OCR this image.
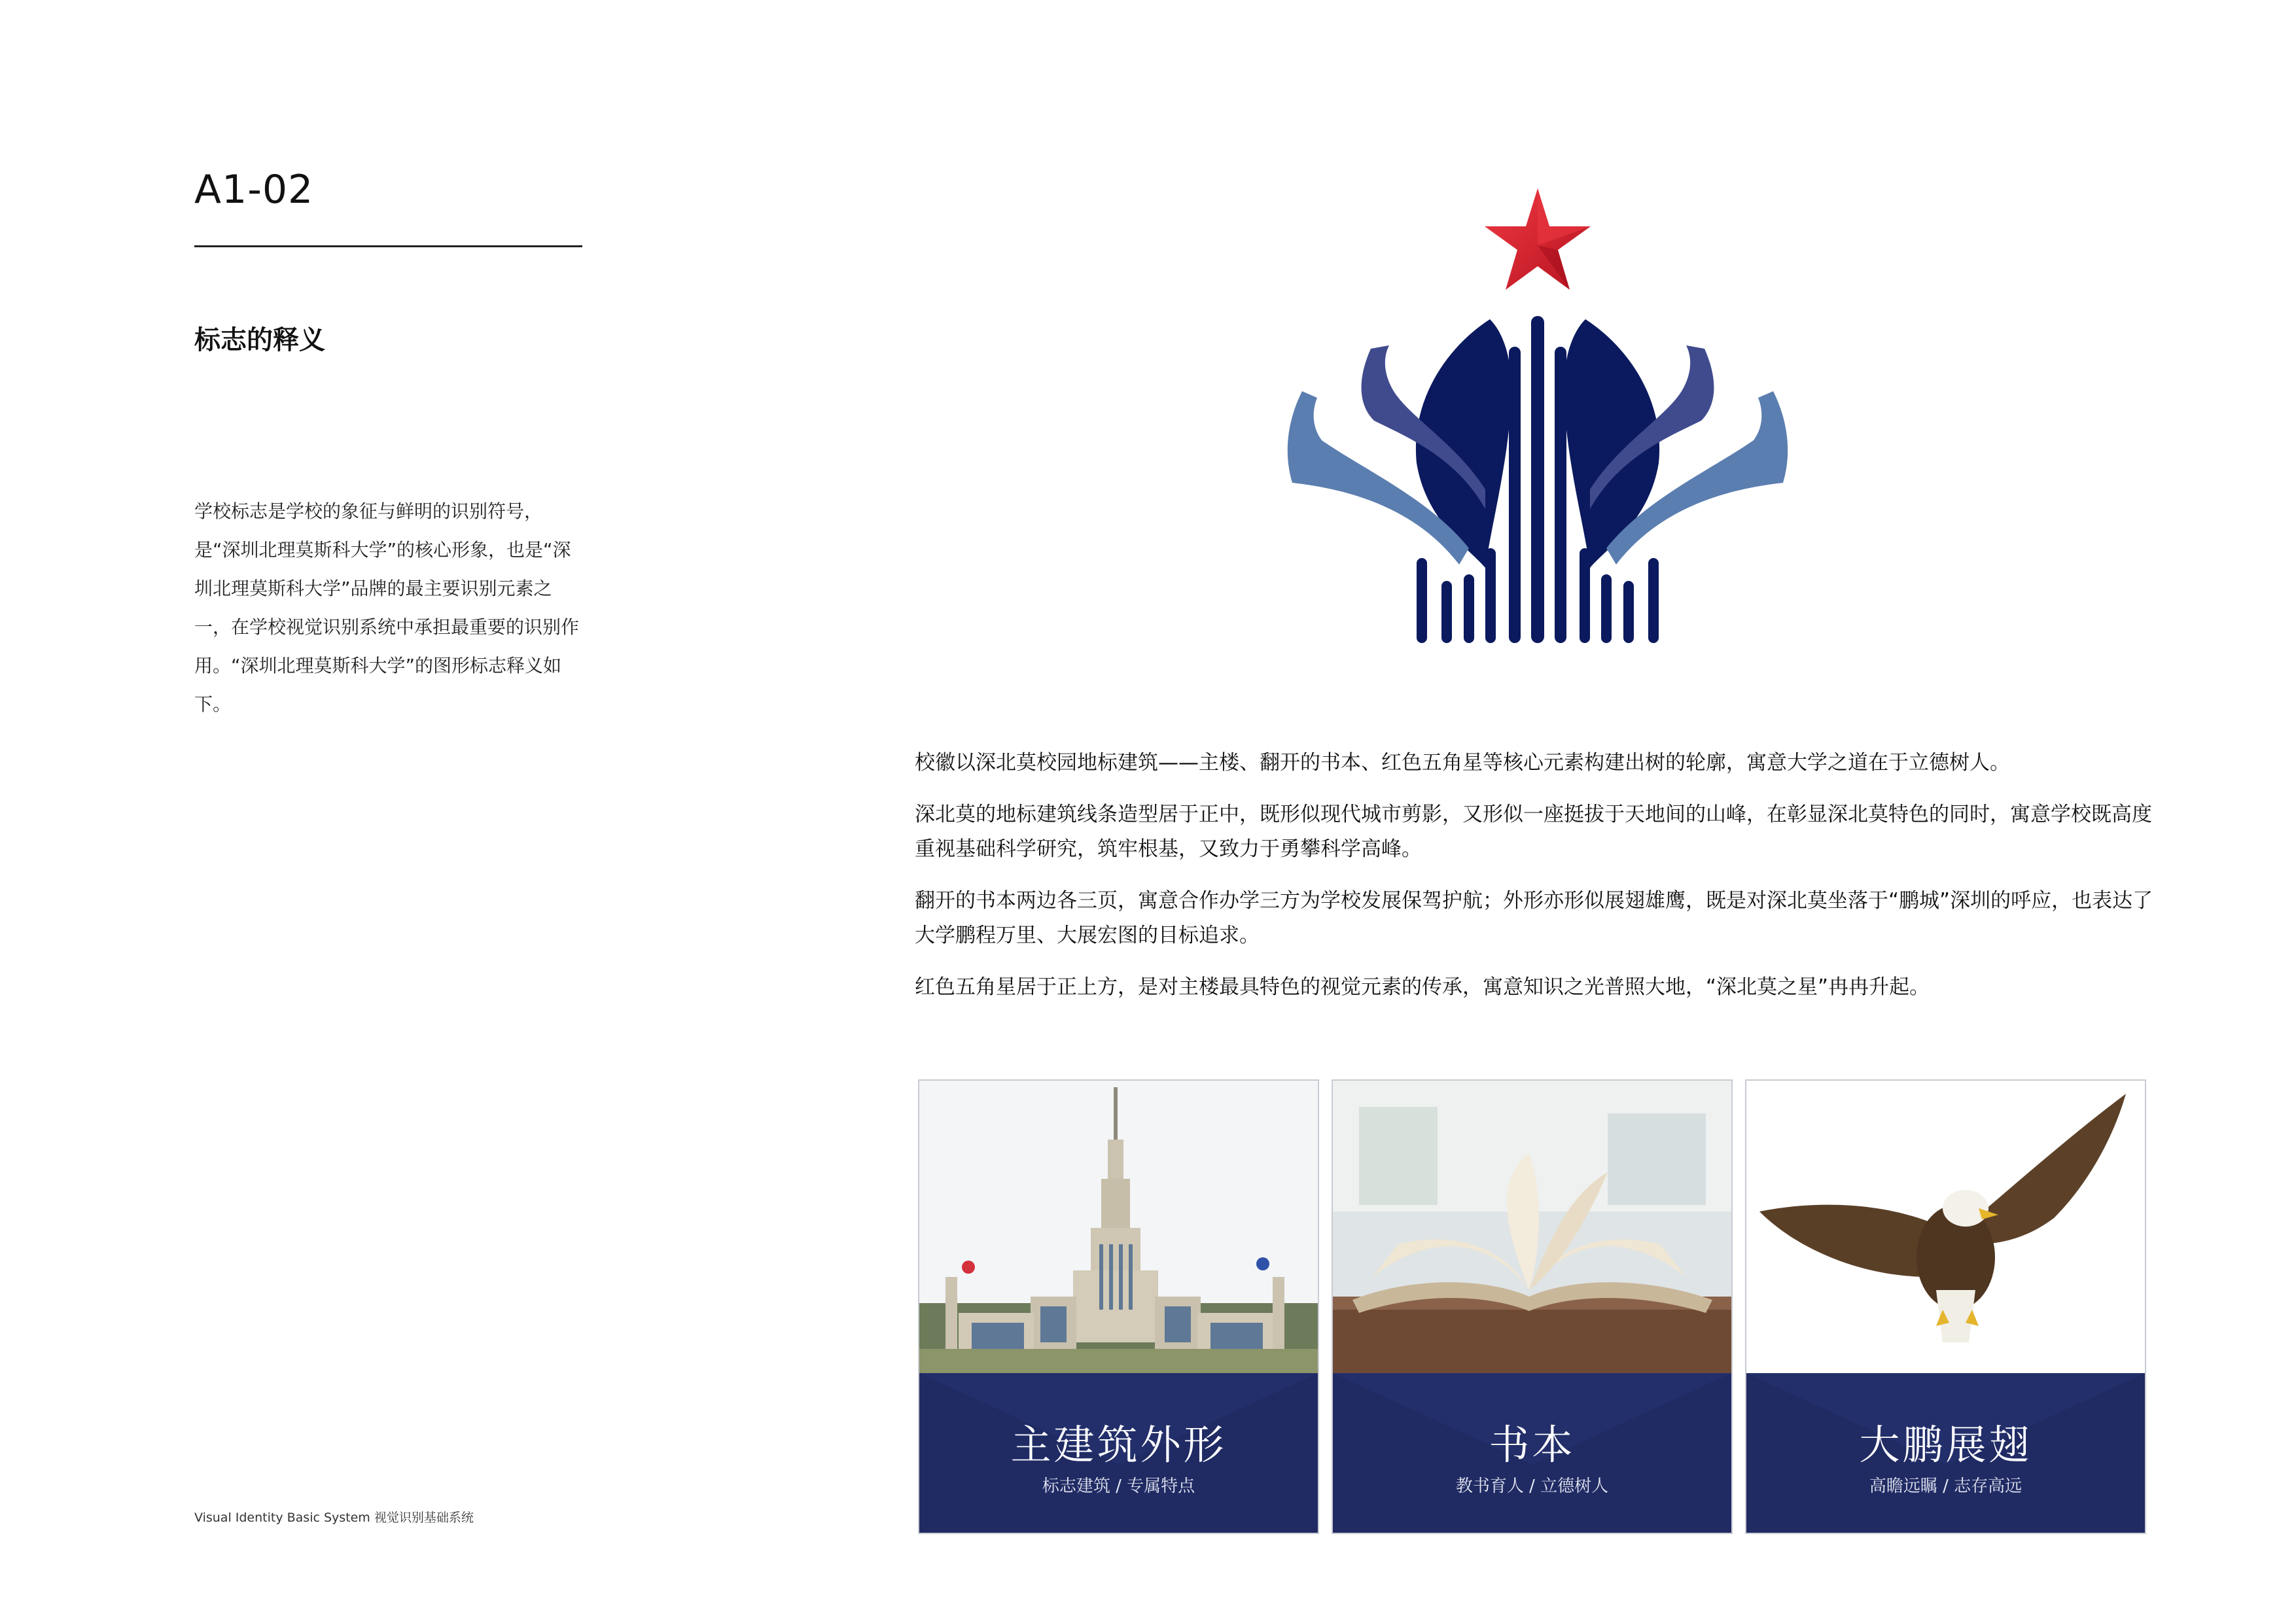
A1-02
标志的释义
学校标志是学校的象征与鲜明的识别符号，是“深圳北理莫斯科大学”的核心形象，也是“深圳北理莫斯科大学”品牌的最主要识别元素之一，在学校视觉识别系统中承担最重要的识别作用。“深圳北理莫斯科大学”的图形标志释义如下。

校徽以深北莫校园地标建筑——主楼、翻开的书本、红色五角星等核心元素构建出树的轮廓，寓意大学之道在于立德树人。

深北莫的地标建筑线条造型居于正中，既形似现代城市剪影，又形似一座挺拔于天地间的山峰，在彰显深北莫特色的同时，寓意学校既高度重视基础科学研究，筑牢根基，又致力于勇攀科学高峰。

翻开的书本两边各三页，寓意合作办学三方为学校发展保驾护航；外形亦形似展翅雄鹰，既是对深北莫坐落于“鹏城”深圳的呼应，也表达了大学鹏程万里、大展宏图的目标追求。

红色五角星居于正上方，是对主楼最具特色的视觉元素的传承，寓意知识之光普照大地，“深北莫之星”冉冉升起。

主建筑外形
标志建筑 / 专属特点
书本
教书育人 / 立德树人
大鹏展翅
高瞻远瞩 / 志存高远
Visual Identity Basic System 视觉识别基础系统
